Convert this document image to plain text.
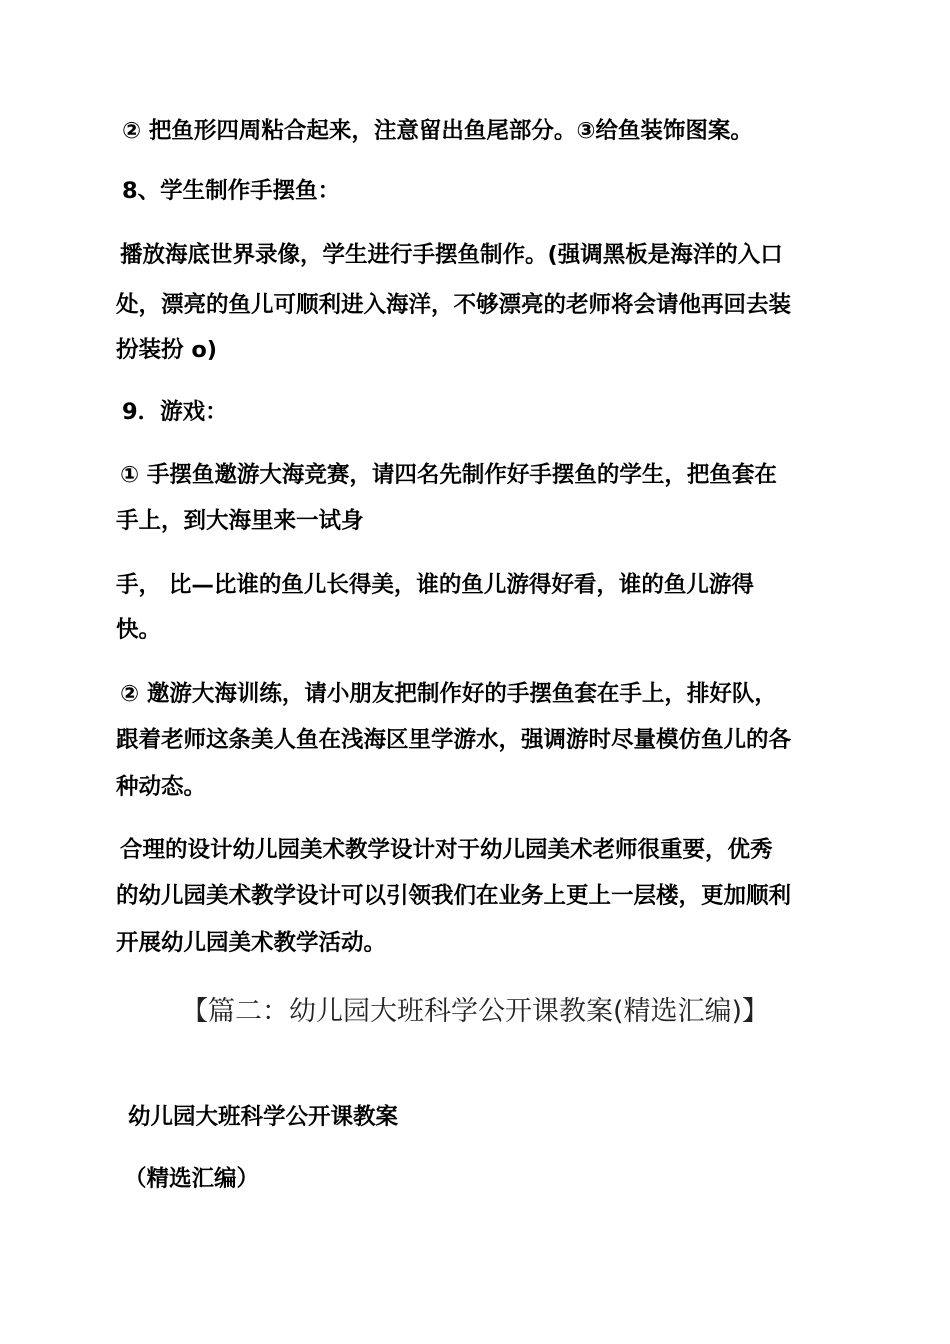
② 把鱼形四周粘合起来，注意留出鱼尾部分。③给鱼装饰图案。

8、学生制作手摆鱼：

播放海底世界录像，学生进行手摆鱼制作。(强调黑板是海洋的入口

处，漂亮的鱼儿可顺利进入海洋，不够漂亮的老师将会请他再回去装

扮装扮 o)

9．游戏：

① 手摆鱼邀游大海竞赛，请四名先制作好手摆鱼的学生，把鱼套在

手上，到大海里来一试身

手， 比—比谁的鱼儿长得美，谁的鱼儿游得好看，谁的鱼儿游得

快。

② 邀游大海训练，请小朋友把制作好的手摆鱼套在手上，排好队，

跟着老师这条美人鱼在浅海区里学游水，强调游时尽量模仿鱼儿的各

种动态。

合理的设计幼儿园美术教学设计对于幼儿园美术老师很重要，优秀

的幼儿园美术教学设计可以引领我们在业务上更上一层楼，更加顺利

开展幼儿园美术教学活动。

【篇二：幼儿园大班科学公开课教案(精选汇编)】

幼儿园大班科学公开课教案

（精选汇编）
